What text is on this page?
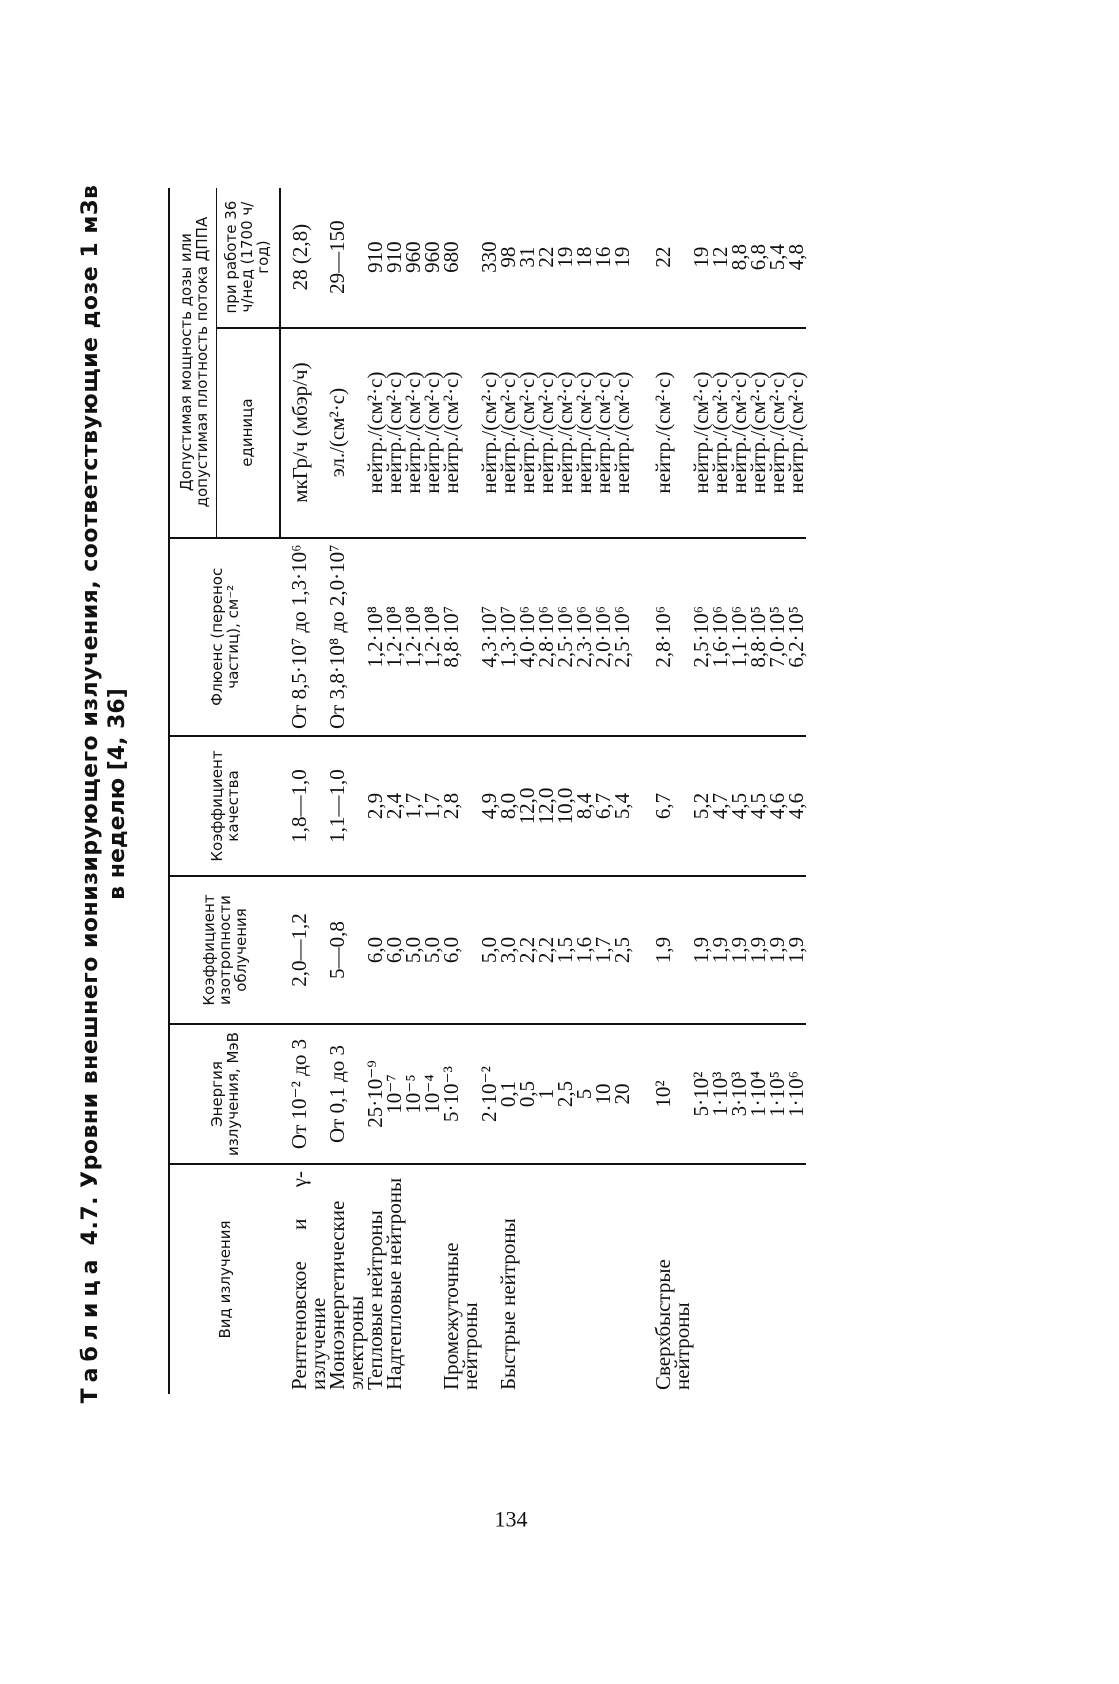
Таблица 4.7. Уровни внешнего ионизирующего излучения, соответствующие дозе 1 мЗв в неделю [4, 36]
Вид излучения	Энергия излучения, МэВ	Коэффициент изотропности облучения	Коэффициент качества	Флюенс (перенос частиц), см⁻²	Допустимая мощность дозы или допустимая плотность потока ДППА	
					единица	при работе 36 ч/нед (1700 ч/год)

Рентгеновское и γ-излучение	От 10⁻² до 3	2,0—1,2	1,8—1,0	От 8,5·10⁷ до 1,3·10⁶	мкГр/ч (мбэр/ч)	28 (2,8)

Моноэнергетические электроны	От 0,1 до 3	5—0,8	1,1—1,0	От 3,8·10⁸ до 2,0·10⁷	эл./(см²·с)	29—150

Тепловые нейтроны	25·10⁻⁹	6,0	2,9	1,2·10⁸	нейтр./(см²·с)	910

Надтепловые нейтроны	10⁻⁷	6,0	2,4	1,2·10⁸	нейтр./(см²·с)	910

	10⁻⁵	5,0	1,7	1,2·10⁸	нейтр./(см²·с)	960

	10⁻⁴	5,0	1,7	1,2·10⁸	нейтр./(см²·с)	960

Промежуточные нейтроны	5·10⁻³	6,0	2,8	8,8·10⁷	нейтр./(см²·с)	680

	2·10⁻²	5,0	4,9	4,3·10⁷	нейтр./(см²·с)	330

Быстрые нейтроны	0,1	3,0	8,0	1,3·10⁷	нейтр./(см²·с)	98

	0,5	2,2	12,0	4,0·10⁶	нейтр./(см²·с)	31

	1	2,2	12,0	2,8·10⁶	нейтр./(см²·с)	22

	2,5	1,5	10,0	2,5·10⁶	нейтр./(см²·с)	19

	5	1,6	8,4	2,3·10⁶	нейтр./(см²·с)	18

	10	1,7	6,7	2,0·10⁶	нейтр./(см²·с)	16

	20	2,5	5,4	2,5·10⁶	нейтр./(см²·с)	19

Сверхбыстрые нейтроны	10²	1,9	6,7	2,8·10⁶	нейтр./(см²·с)	22

	5·10²	1,9	5,2	2,5·10⁶	нейтр./(см²·с)	19

	1·10³	1,9	4,7	1,6·10⁶	нейтр./(см²·с)	12

	3·10³	1,9	4,5	1,1·10⁶	нейтр./(см²·с)	8,8

	1·10⁴	1,9	4,5	8,8·10⁵	нейтр./(см²·с)	6,8

	1·10⁵	1,9	4,6	7,0·10⁵	нейтр./(см²·с)	5,4

	1·10⁶	1,9	4,6	6,2·10⁵	нейтр./(см²·с)	4,8
134
